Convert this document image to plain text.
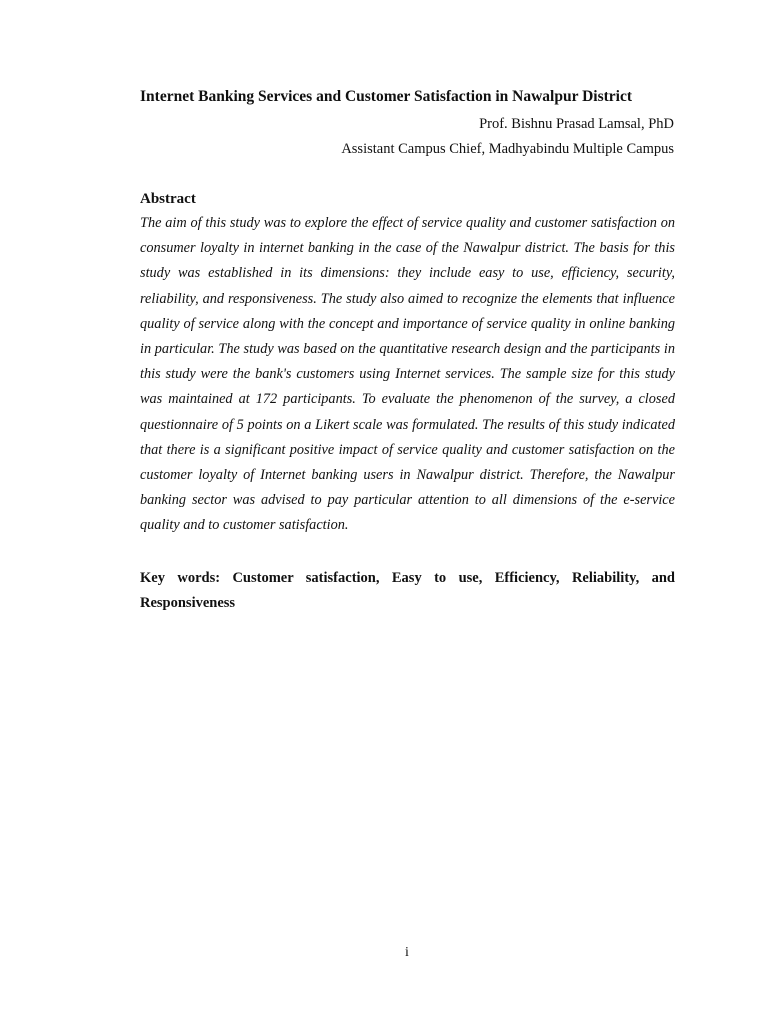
Internet Banking Services and Customer Satisfaction in Nawalpur District
Prof. Bishnu Prasad Lamsal, PhD
Assistant Campus Chief, Madhyabindu Multiple Campus
Abstract

The aim of this study was to explore the effect of service quality and customer satisfaction on consumer loyalty in internet banking in the case of the Nawalpur district. The basis for this study was established in its dimensions: they include easy to use, efficiency, security, reliability, and responsiveness. The study also aimed to recognize the elements that influence quality of service along with the concept and importance of service quality in online banking in particular. The study was based on the quantitative research design and the participants in this study were the bank's customers using Internet services. The sample size for this study was maintained at 172 participants. To evaluate the phenomenon of the survey, a closed questionnaire of 5 points on a Likert scale was formulated. The results of this study indicated that there is a significant positive impact of service quality and customer satisfaction on the customer loyalty of Internet banking users in Nawalpur district. Therefore, the Nawalpur banking sector was advised to pay particular attention to all dimensions of the e-service quality and to customer satisfaction.

Key words: Customer satisfaction, Easy to use, Efficiency, Reliability, and Responsiveness

i
